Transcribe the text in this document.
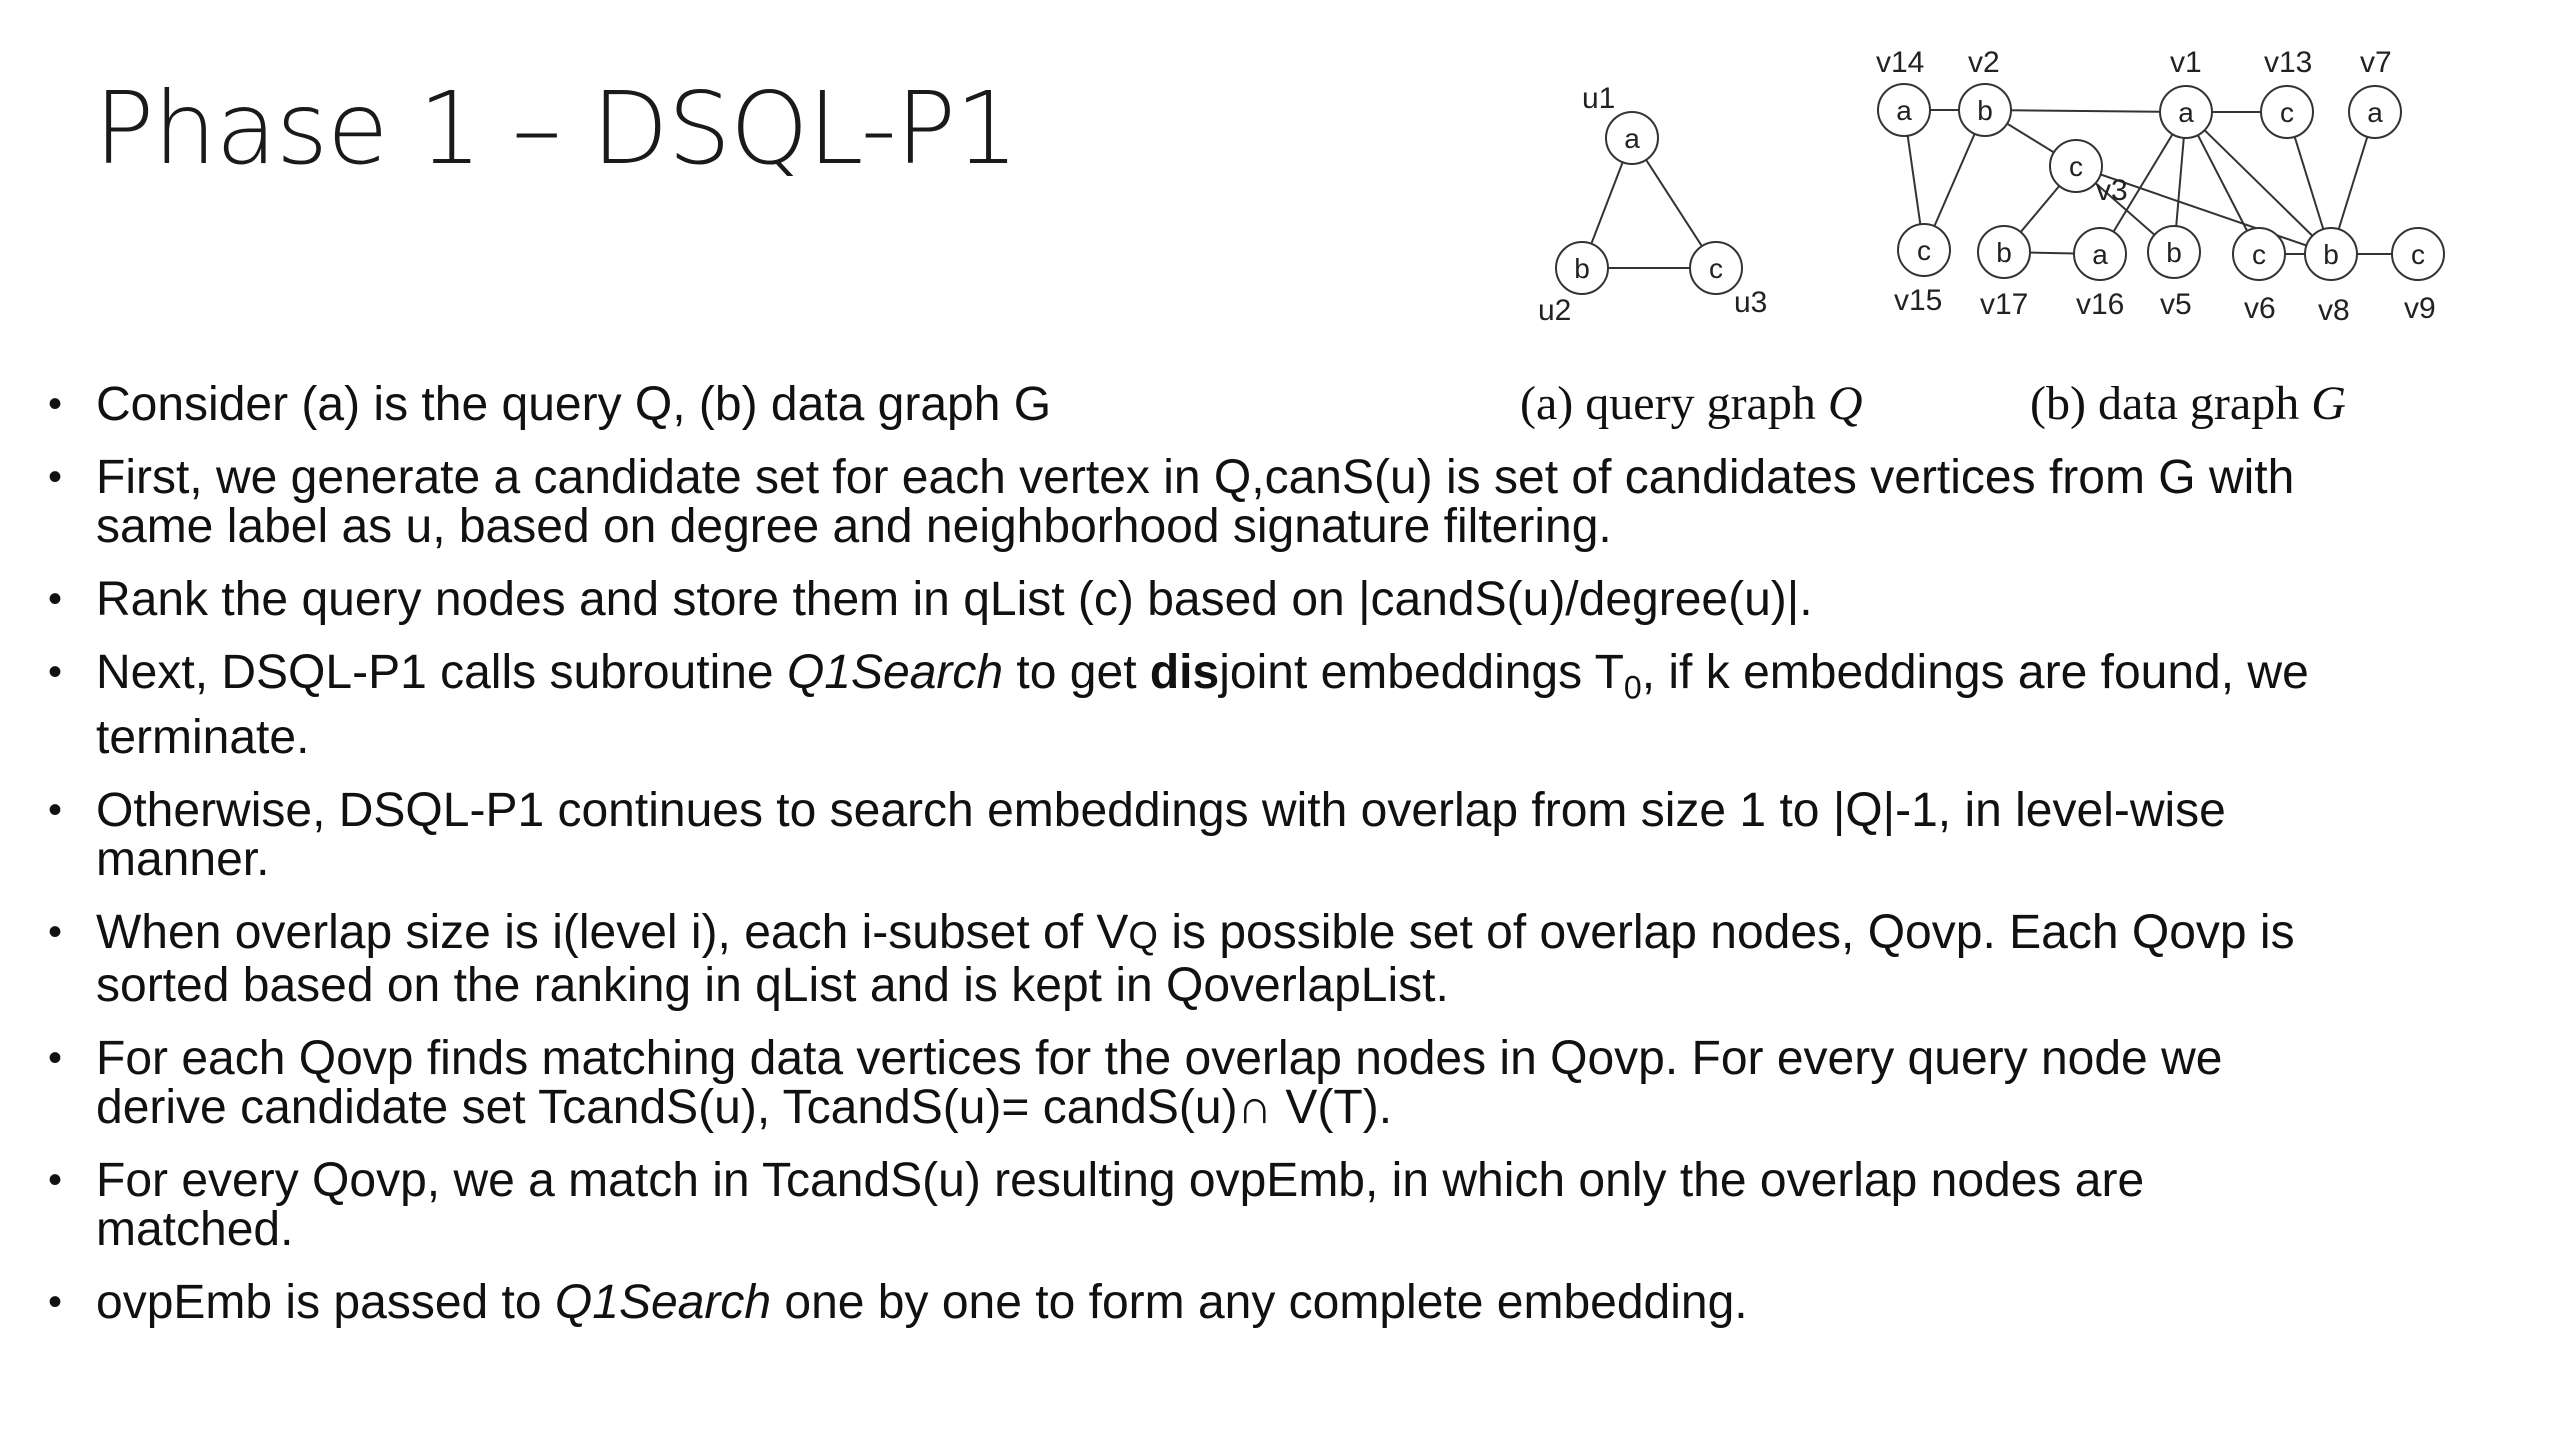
Phase 1 – DSQL-P1	a
b	c
a b	a	c	a
c
c b	a b	c b	c
u1
u2	u3
v14 v2	v1 v13 v7
v3
v15 v17 v16 v5 v6 v8 v9
(a) query graph Q	(b) data graph G
• Consider (a) is the query Q, (b) data graph G
• First, we generate a candidate set for each vertex in Q,canS(u) is set of candidates vertices from G with same label as u, based on degree and neighborhood signature filtering.
• Rank the query nodes and store them in qList (c) based on |candS(u)/degree(u)|.
• Next, DSQL-P1 calls subroutine Q1Search to get disjoint embeddings $T_0$, if k embeddings are found, we terminate.
• Otherwise, DSQL-P1 continues to search embeddings with overlap from size 1 to |Q|-1, in level-wise manner.
• When overlap size is i(level i), each i-subset of VQ is possible set of overlap nodes, Qovp. Each Qovp is sorted based on the ranking in qList and is kept in QoverlapList.
• For each Qovp finds matching data vertices for the overlap nodes in Qovp. For every query node we derive candidate set TcandS(u), TcandS(u)= candS(u)∩ V(T).
• For every Qovp, we a match in TcandS(u) resulting ovpEmb, in which only the overlap nodes are matched.
• ovpEmb is passed to Q1Search one by one to form any complete embedding.
